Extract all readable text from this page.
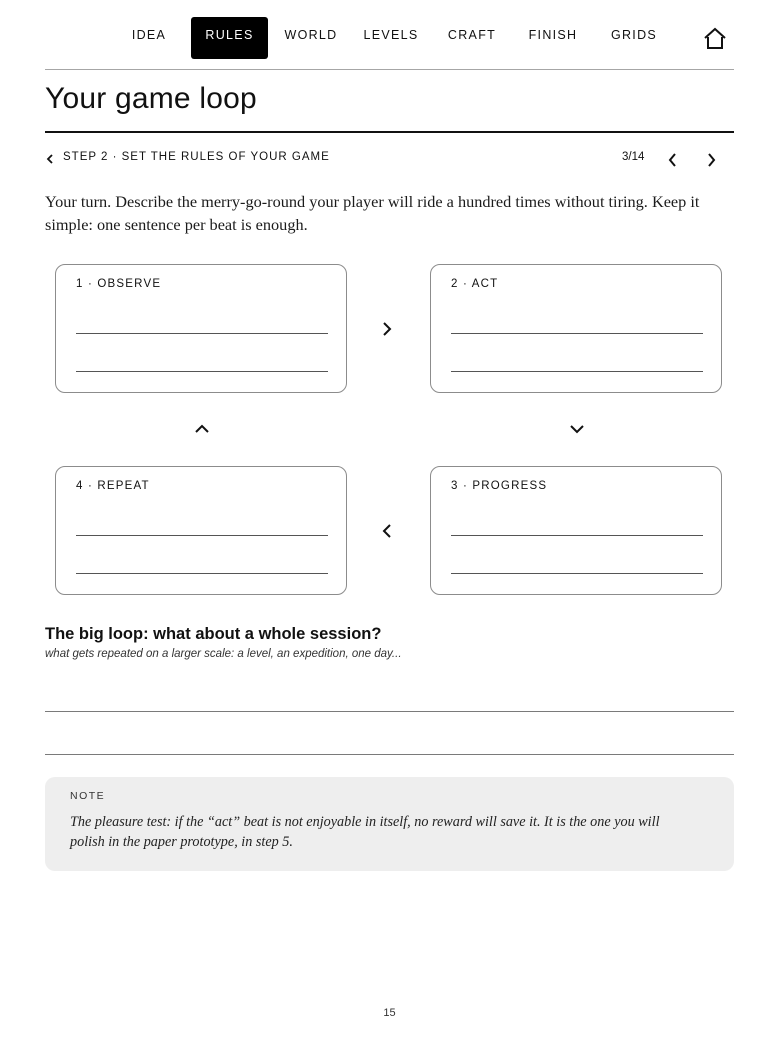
IDEA	RULES	WORLD	LEVELS	CRAFT	FINISH	GRIDS
Your game loop
STEP 2 · SET THE RULES OF YOUR GAME	3/14

Your turn. Describe the merry-go-round your player will ride a hundred times without tiring. Keep it simple: one sentence per beat is enough.

1 · OBSERVE	2 · ACT
3 · PROGRESS
4 · REPEAT
The big loop: what about a whole session?
what gets repeated on a larger scale: a level, an expedition, one day...
NOTE

The pleasure test: if the “act” beat is not enjoyable in itself, no reward will save it. It is the one you will polish in the paper prototype, in step 5.

15
